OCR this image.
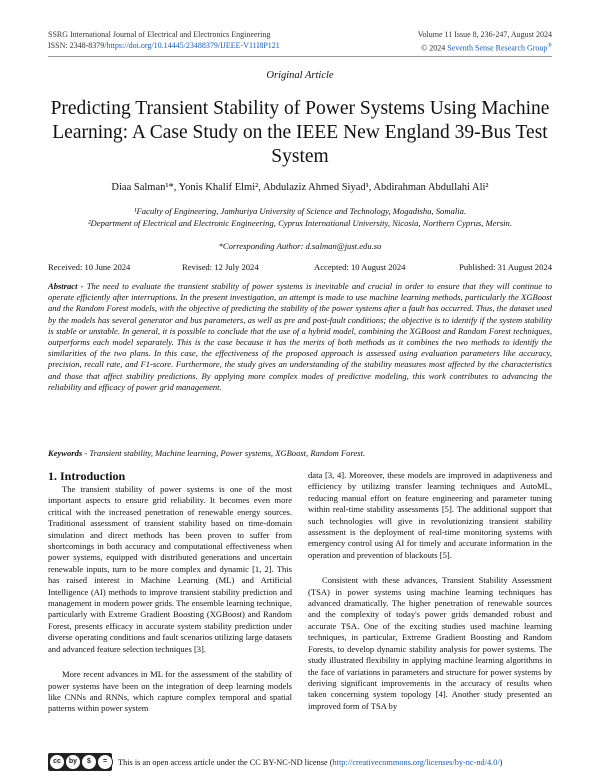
SSRG International Journal of Electrical and Electronics Engineering
ISSN: 2348-8379/https://doi.org/10.14445/23488379/IJEEE-V11I8P121
Volume 11 Issue 8, 236-247, August 2024
© 2024 Seventh Sense Research Group®
Original Article
Predicting Transient Stability of Power Systems Using Machine Learning: A Case Study on the IEEE New England 39-Bus Test System
Diaa Salman¹*, Yonis Khalif Elmi², Abdulaziz Ahmed Siyad¹, Abdirahman Abdullahi Ali²
¹Faculty of Engineering, Jamhuriya University of Science and Technology, Mogadishu, Somalia.
²Department of Electrical and Electronic Engineering, Cyprus International University, Nicosia, Northern Cyprus, Mersin.
*Corresponding Author: d.salman@just.edu.so
Received: 10 June 2024	Revised: 12 July 2024	Accepted: 10 August 2024	Published: 31 August 2024
Abstract - The need to evaluate the transient stability of power systems is inevitable and crucial in order to ensure that they will continue to operate efficiently after interruptions. In the present investigation, an attempt is made to use machine learning methods, particularly the XGBoost and the Random Forest models, with the objective of predicting the stability of the power systems after a fault has occurred. Thus, the dataset used by the models has several generator and bus parameters, as well as pre and post-fault conditions; the objective is to identify if the system stability is stable or unstable. In general, it is possible to conclude that the use of a hybrid model, combining the XGBoost and Random Forest techniques, outperforms each model separately. This is the case because it has the merits of both methods as it combines the two methods to identify the similarities of the two plans. In this case, the effectiveness of the proposed approach is assessed using evaluation parameters like accuracy, precision, recall rate, and F1-score. Furthermore, the study gives an understanding of the stability measures most affected by the characteristics and those that affect stability predictions. By applying more complex modes of predictive modeling, this work contributes to advancing the reliability and efficacy of power grid management.
Keywords - Transient stability, Machine learning, Power systems, XGBoost, Random Forest.
1. Introduction

The transient stability of power systems is one of the most important aspects to ensure grid reliability. It becomes even more critical with the increased penetration of renewable energy sources. Traditional assessment of transient stability based on time-domain simulation and direct methods has been proven to suffer from shortcomings in both accuracy and computational effectiveness when power systems, equipped with distributed generations and uncertain renewable inputs, turn to be more complex and dynamic [1, 2]. This has raised interest in Machine Learning (ML) and Artificial Intelligence (AI) methods to improve transient stability prediction and management in modern power grids. The ensemble learning technique, particularly with Extreme Gradient Boosting (XGBoost) and Random Forest, presents efficacy in accurate system stability prediction under diverse operating conditions and fault scenarios utilizing large datasets and advanced feature selection techniques [3].

More recent advances in ML for the assessment of the stability of power systems have been on the integration of deep learning models like CNNs and RNNs, which capture complex temporal and spatial patterns within power system

data [3, 4]. Moreover, these models are improved in adaptiveness and efficiency by utilizing transfer learning techniques and AutoML, reducing manual effort on feature engineering and parameter tuning within real-time stability assessments [5]. The additional support that such technologies will give in revolutionizing transient stability assessment is the deployment of real-time monitoring systems with emergency control using AI for timely and accurate information in the operation and prevention of blackouts [5].

Consistent with these advances, Transient Stability Assessment (TSA) in power systems using machine learning techniques has advanced dramatically. The higher penetration of renewable sources and the complexity of today's power grids demanded robust and accurate TSA. One of the exciting studies used machine learning techniques, in particular, Extreme Gradient Boosting and Random Forests, to develop dynamic stability analysis for power systems. The study illustrated flexibility in applying machine learning algorithms in the face of variations in parameters and structure for power systems by deriving significant improvements in the accuracy of results when taken concerning system topology [4]. Another study presented an improved form of TSA by

cc	by	$	=	This is an open access article under the CC BY-NC-ND license (http://creativecommons.org/licenses/by-nc-nd/4.0/)
